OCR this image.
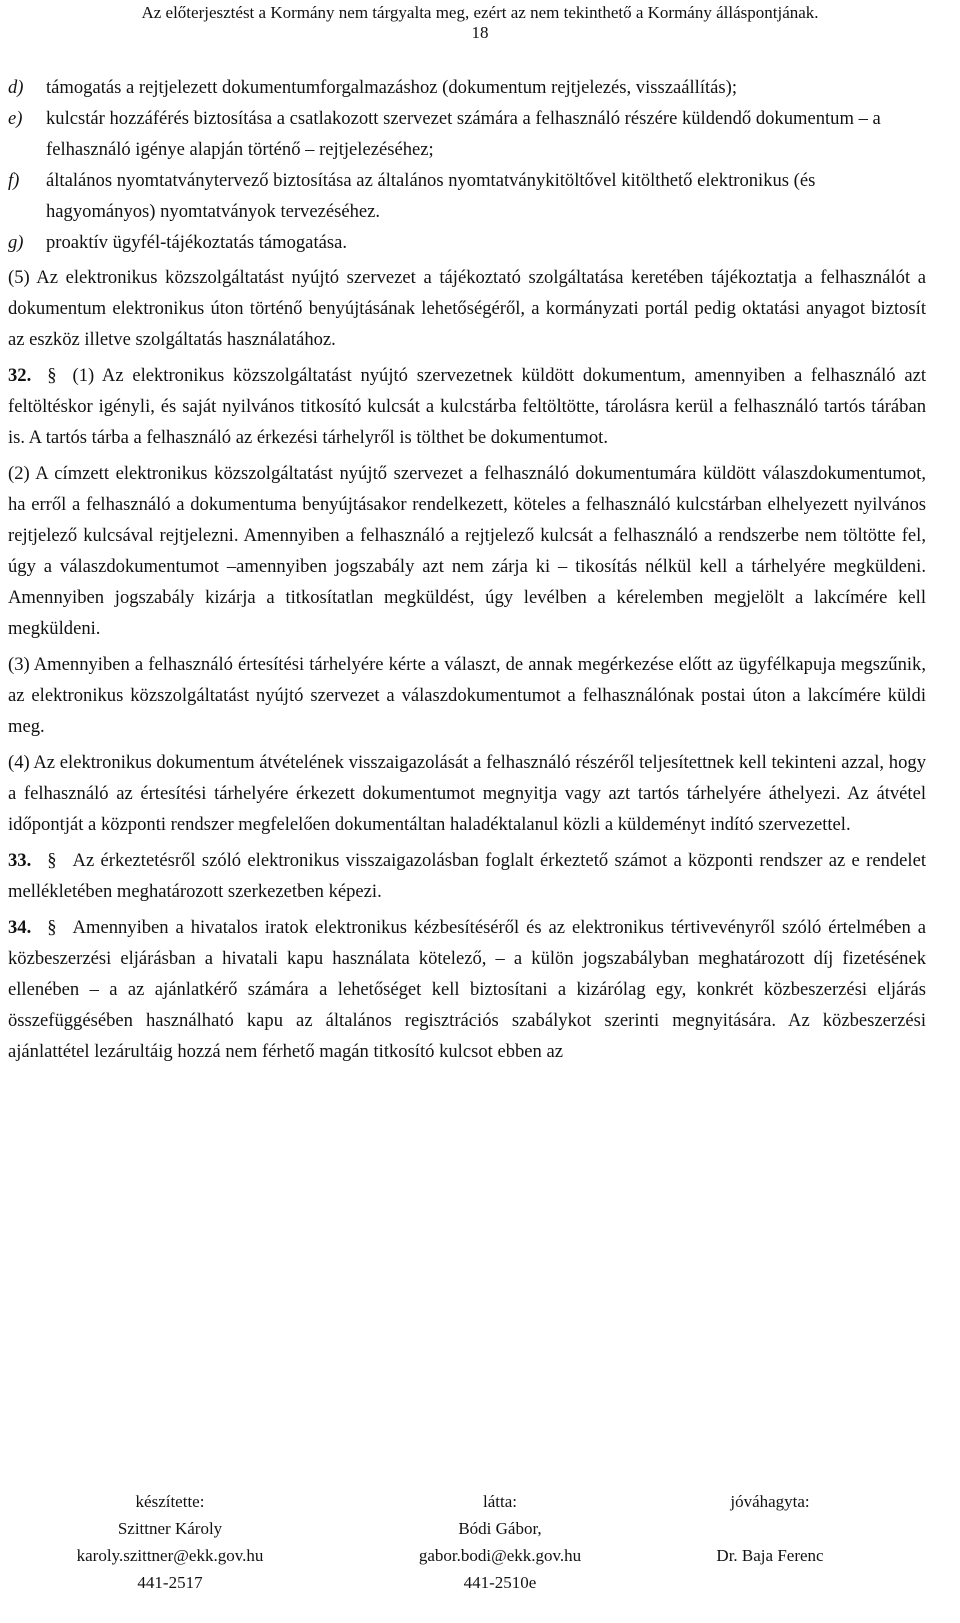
Az előterjesztést a Kormány nem tárgyalta meg, ezért az nem tekinthető a Kormány álláspontjának.
18
d) támogatás a rejtjelezett dokumentumforgalmazáshoz (dokumentum rejtjelezés, visszaállítás);

e) kulcstár hozzáférés biztosítása a csatlakozott szervezet számára a felhasználó részére küldendő dokumentum – a felhasználó igénye alapján történő – rejtjelezéséhez;

f) általános nyomtatványtervező biztosítása az általános nyomtatványkitöltővel kitölthető elektronikus (és hagyományos) nyomtatványok tervezéséhez.

g) proaktív ügyfél-tájékoztatás támogatása.

(5) Az elektronikus közszolgáltatást nyújtó szervezet a tájékoztató szolgáltatása keretében tájékoztatja a felhasználót a dokumentum elektronikus úton történő benyújtásának lehetőségéről, a kormányzati portál pedig oktatási anyagot biztosít az eszköz illetve szolgáltatás használatához.

32. § (1) Az elektronikus közszolgáltatást nyújtó szervezetnek küldött dokumentum, amennyiben a felhasználó azt feltöltéskor igényli, és saját nyilvános titkosító kulcsát a kulcstárba feltöltötte, tárolásra kerül a felhasználó tartós tárában is. A tartós tárba a felhasználó az érkezési tárhelyről is tölthet be dokumentumot.

(2) A címzett elektronikus közszolgáltatást nyújtő szervezet a felhasználó dokumentumára küldött válaszdokumentumot, ha erről a felhasználó a dokumentuma benyújtásakor rendelkezett, köteles a felhasználó kulcstárban elhelyezett nyilvános rejtjelező kulcsával rejtjelezni. Amennyiben a felhasználó a rejtjelező kulcsát a felhasználó a rendszerbe nem töltötte fel, úgy a válaszdokumentumot –amennyiben jogszabály azt nem zárja ki – tikosítás nélkül kell a tárhelyére megküldeni. Amennyiben jogszabály kizárja a titkosítatlan megküldést, úgy levélben a kérelemben megjelölt a lakcímére kell megküldeni.

(3) Amennyiben a felhasználó értesítési tárhelyére kérte a választ, de annak megérkezése előtt az ügyfélkapuja megszűnik, az elektronikus közszolgáltatást nyújtó szervezet a válaszdokumentumot a felhasználónak postai úton a lakcímére küldi meg.

(4) Az elektronikus dokumentum átvételének visszaigazolását a felhasználó részéről teljesítettnek kell tekinteni azzal, hogy a felhasználó az értesítési tárhelyére érkezett dokumentumot megnyitja vagy azt tartós tárhelyére áthelyezi. Az átvétel időpontját a központi rendszer megfelelően dokumentáltan haladéktalanul közli a küldeményt indító szervezettel.

33. § Az érkeztetésről szóló elektronikus visszaigazolásban foglalt érkeztető számot a központi rendszer az e rendelet mellékletében meghatározott szerkezetben képezi.

34. § Amennyiben a hivatalos iratok elektronikus kézbesítéséről és az elektronikus tértivevényről szóló értelmében a közbeszerzési eljárásban a hivatali kapu használata kötelező, – a külön jogszabályban meghatározott díj fizetésének ellenében – a az ajánlatkérő számára a lehetőséget kell biztosítani a kizárólag egy, konkrét közbeszerzési eljárás összefüggésében használható kapu az általános regisztrációs szabálykot szerinti megnyitására. Az közbeszerzési ajánlattétel lezárultáig hozzá nem férhető magán titkosító kulcsot ebben az

készítette:
Szittner Károly
karoly.szittner@ekk.gov.hu
441-2517
látta:
Bódi Gábor,
gabor.bodi@ekk.gov.hu
441-2510e
jóváhagyta:

Dr. Baja Ferenc
